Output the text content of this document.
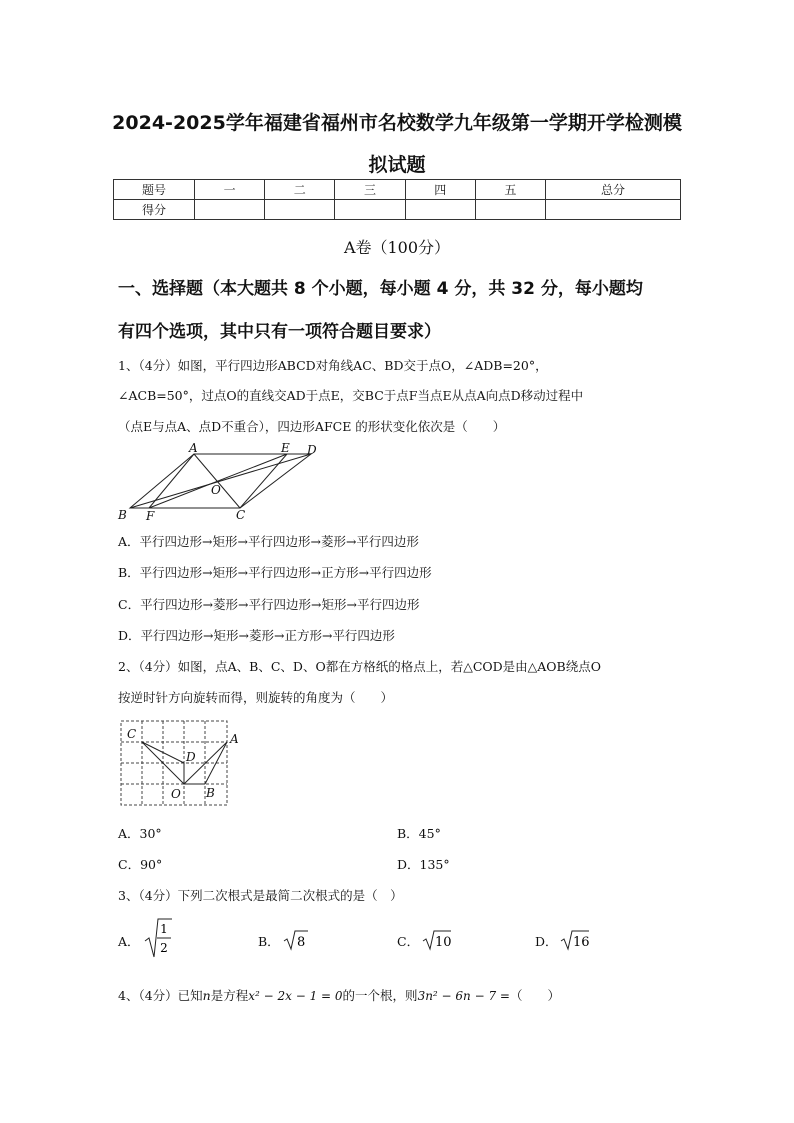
2024-2025学年福建省福州市名校数学九年级第一学期开学检测模
拟试题
题号	一	二	三	四	五	总分
得分						
A卷（100分）
一、选择题（本大题共 8 个小题，每小题 4 分，共 32 分，每小题均
有四个选项，其中只有一项符合题目要求）
1、（4分）如图，平行四边形ABCD对角线AC、BD交于点O，∠ADB=20°，
∠ACB=50°，过点O的直线交AD于点E，交BC于点F当点E从点A向点D移动过程中
（点E与点A、点D不重合），四边形AFCE 的形状变化依次是（　　）
A	E D
O
B F	C
A．平行四边形→矩形→平行四边形→菱形→平行四边形
B．平行四边形→矩形→平行四边形→正方形→平行四边形
C．平行四边形→菱形→平行四边形→矩形→平行四边形
D．平行四边形→矩形→菱形→正方形→平行四边形
2、（4分）如图，点A、B、C、D、O都在方格纸的格点上，若△COD是由△AOB绕点O
按逆时针方向旋转而得，则旋转的角度为（　　）
C	A
D
O B
A．30°	B．45°
C．90°	D．135°
3、（4分）下列二次根式是最简二次根式的是（　）
A．
1
2	B． 8	C． 10	D． 16
4、（4分）已知n是方程x² − 2x − 1 = 0的一个根，则3n² − 6n − 7 =（　　）
